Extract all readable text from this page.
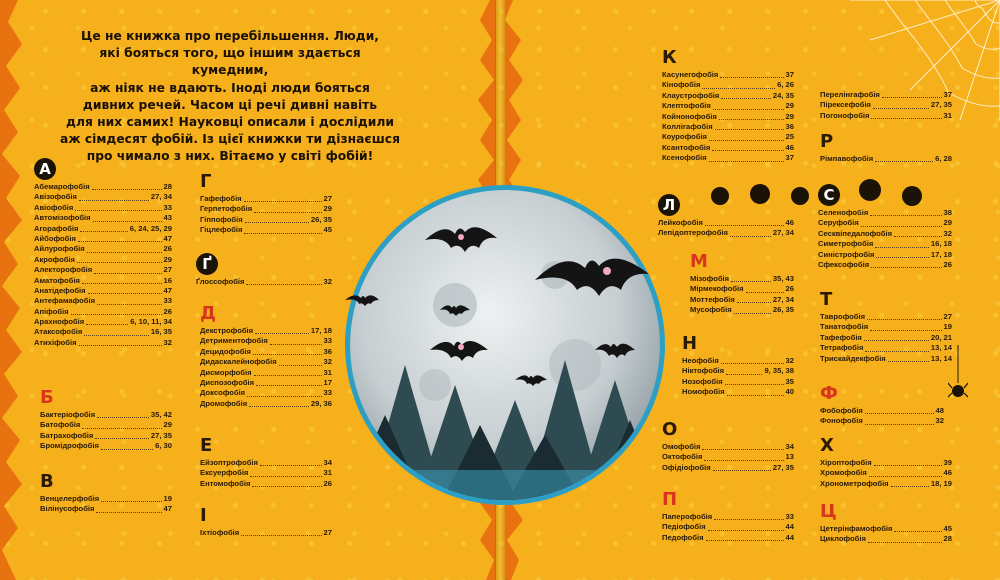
Це не книжка про перебільшення. Люди,

які бояться того, що іншим здається кумедним,

аж ніяк не вдають. Іноді люди бояться

дивних речей. Часом ці речі дивні навіть

для них самих! Науковці описали і дослідили

аж сімдесят фобій. Із цієї книжки ти дізнаєшся

про чимало з них. Вітаємо у світі фобій!

А
Абемарофобія	28
Авізофобія	27, 34
Авіофобія	33
Автомізофобія	43
Агорафобія	6, 24, 25, 29
Айбофобія	47
Айлурофобія	26
Акрофобія	29
Алекторофобія	27
Аматофобія	16
Анатідефобія	47
Антефамафобія	33
Апіфобія	26
Арахнофобія	6, 10, 11, 34
Атаксофобія	16, 35
Атихіфобія	32
Б
Бактеріофобія	35, 42
Батофобія	29
Батрахофобія	27, 35
Бромідрофобія	6, 30
В
Венцелерфобія	19
Вілінусофобія	47
Г
Гафефобія	27
Герпетофобія	29
Гіппофобія	26, 35
Гіцлефобія	45
Ґ
Ґлоссофобія	32
Д
Декстрофобія	17, 18
Детриментофобія	33
Децидофобія	36
Дидаскалейнофобія	32
Дисморфобія	31
Диспозофобія	17
Доксофобія	33
Дромофобія	29, 36
Е
Ейзоптрофобія	34
Ексуерфобія	31
Ентомофобія	26
І
Іхтіофобія	27
К
Касунегофобія	37
Кінофобія	6, 26
Клаустрофобія	24, 35
Клептофобія	29
Койнонофобія	29
Коллігафобія	36
Коурофобія	25
Ксантофобія	46
Ксенофобія	37
Л
Лейкофобія	46
Лепідоптерофобія	27, 34
М
Мізофобія	35, 43
Мірмекофобія	26
Моттефобія	27, 34
Мусофобія	26, 35
Н
Неофобія	32
Ніктофобія	9, 35, 38
Нозофобія	35
Номофобія	40
О
Омофобія	34
Октофобія	13
Офідіофобія	27, 35
П
Паперофобія	33
Педіофобія	44
Педофобія	44
Перелінгафобія	37
Пірексефобія	27, 35
Погонофобія	31
Р
Рімпавофобія	6, 28
С
Селенофобія	38
Серуфобія	29
Сесквіпедалофобія	32
Симетрофобія	16, 18
Синістрофобія	17, 18
Сфексофобія	26
Т
Таврофобія	27
Танатофобія	19
Тафефобія	20, 21
Тетрафобія	13, 14
Трискайдекфобія	13, 14
Ф
Фобофобія	48
Фонофобія	32
Х
Хіроптофобія	39
Хромофобія	46
Хронометрофобія	18, 19
Ц
Цетерінфамофобія	45
Циклофобія	28
